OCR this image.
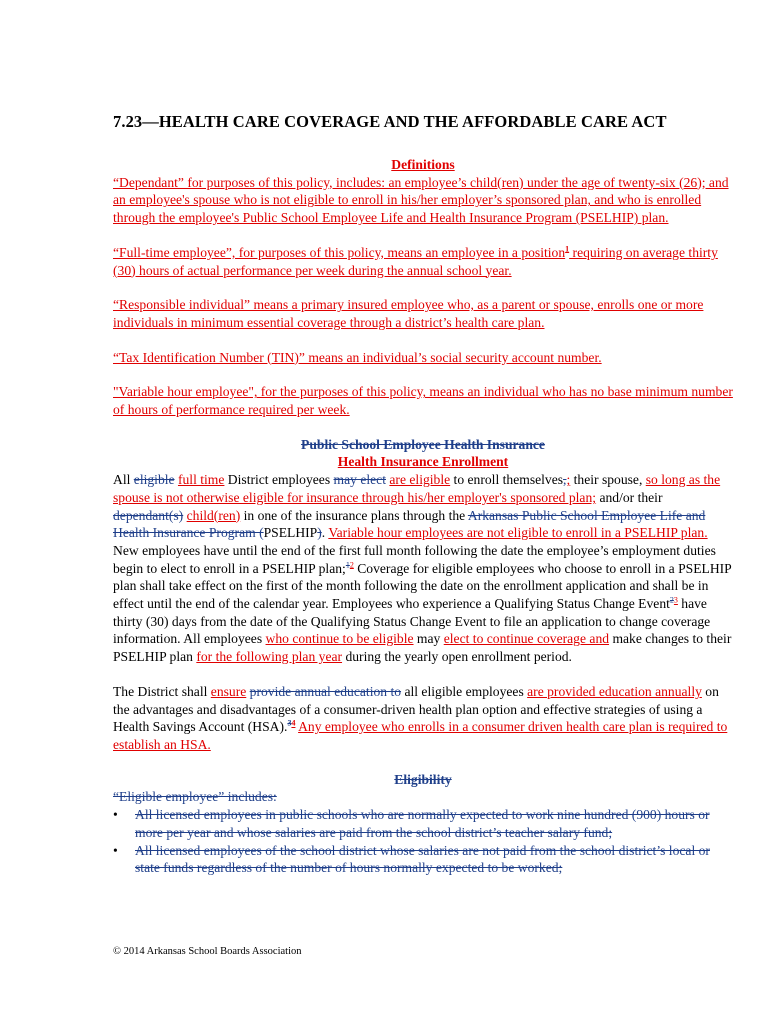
7.23—HEALTH CARE COVERAGE AND THE AFFORDABLE CARE ACT

Definitions

“Dependant” for purposes of this policy, includes: an employee’s child(ren) under the age of twenty-six (26); and an employee's spouse who is not eligible to enroll in his/her employer’s sponsored plan, and who is enrolled through the employee's Public School Employee Life and Health Insurance Program (PSELHIP) plan.

“Full-time employee”, for purposes of this policy, means an employee in a position$^1$ requiring on average thirty (30) hours of actual performance per week during the annual school year.

“Responsible individual” means a primary insured employee who, as a parent or spouse, enrolls one or more individuals in minimum essential coverage through a district’s health care plan.

“Tax Identification Number (TIN)” means an individual’s social security account number.

"Variable hour employee", for the purposes of this policy, means an individual who has no base minimum number of hours of performance required per week.

Public School Employee Health Insurance

Health Insurance Enrollment

All eligible full time District employees may elect are eligible to enroll themselves,; their spouse, so long as the spouse is not otherwise eligible for insurance through his/her employer's sponsored plan; and/or their dependant(s) child(ren) in one of the insurance plans through the Arkansas Public School Employee Life and Health Insurance Program (PSELHIP). Variable hour employees are not eligible to enroll in a PSELHIP plan. New employees have until the end of the first full month following the date the employee’s employment duties begin to elect to enroll in a PSELHIP plan;$^{12}$ Coverage for eligible employees who choose to enroll in a PSELHIP plan shall take effect on the first of the month following the date on the enrollment application and shall be in effect until the end of the calendar year. Employees who experience a Qualifying Status Change Event$^{23}$ have thirty (30) days from the date of the Qualifying Status Change Event to file an application to change coverage information. All employees who continue to be eligible may elect to continue coverage and make changes to their PSELHIP plan for the following plan year during the yearly open enrollment period.

The District shall ensure provide annual education to all eligible employees are provided education annually on the advantages and disadvantages of a consumer-driven health plan option and effective strategies of using a Health Savings Account (HSA).$^{34}$ Any employee who enrolls in a consumer driven health care plan is required to establish an HSA.

Eligibility

“Eligible employee” includes:

• All licensed employees in public schools who are normally expected to work nine hundred (900) hours or more per year and whose salaries are paid from the school district’s teacher salary fund;
• All licensed employees of the school district whose salaries are not paid from the school district’s local or state funds regardless of the number of hours normally expected to be worked;
© 2014 Arkansas School Boards Association
